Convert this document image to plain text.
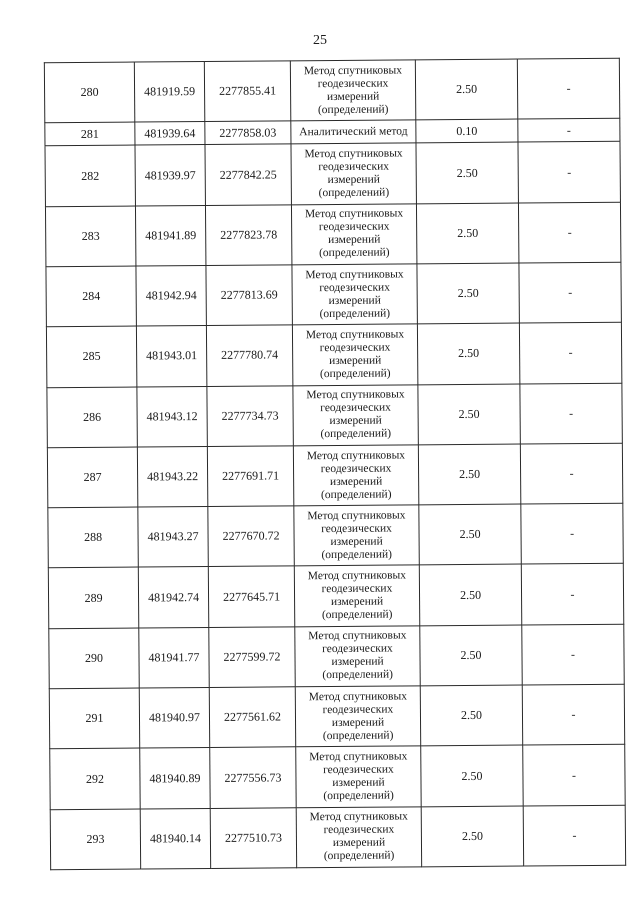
25
280	481919.59	2277855.41	Метод спутниковых геодезических измерений (определений)	2.50	-
281	481939.64	2277858.03	Аналитический метод	0.10	-
282	481939.97	2277842.25	Метод спутниковых геодезических измерений (определений)	2.50	-
283	481941.89	2277823.78	Метод спутниковых геодезических измерений (определений)	2.50	-
284	481942.94	2277813.69	Метод спутниковых геодезических измерений (определений)	2.50	-
285	481943.01	2277780.74	Метод спутниковых геодезических измерений (определений)	2.50	-
286	481943.12	2277734.73	Метод спутниковых геодезических измерений (определений)	2.50	-
287	481943.22	2277691.71	Метод спутниковых геодезических измерений (определений)	2.50	-
288	481943.27	2277670.72	Метод спутниковых геодезических измерений (определений)	2.50	-
289	481942.74	2277645.71	Метод спутниковых геодезических измерений (определений)	2.50	-
290	481941.77	2277599.72	Метод спутниковых геодезических измерений (определений)	2.50	-
291	481940.97	2277561.62	Метод спутниковых геодезических измерений (определений)	2.50	-
292	481940.89	2277556.73	Метод спутниковых геодезических измерений (определений)	2.50	-
293	481940.14	2277510.73	Метод спутниковых геодезических измерений (определений)	2.50	-
